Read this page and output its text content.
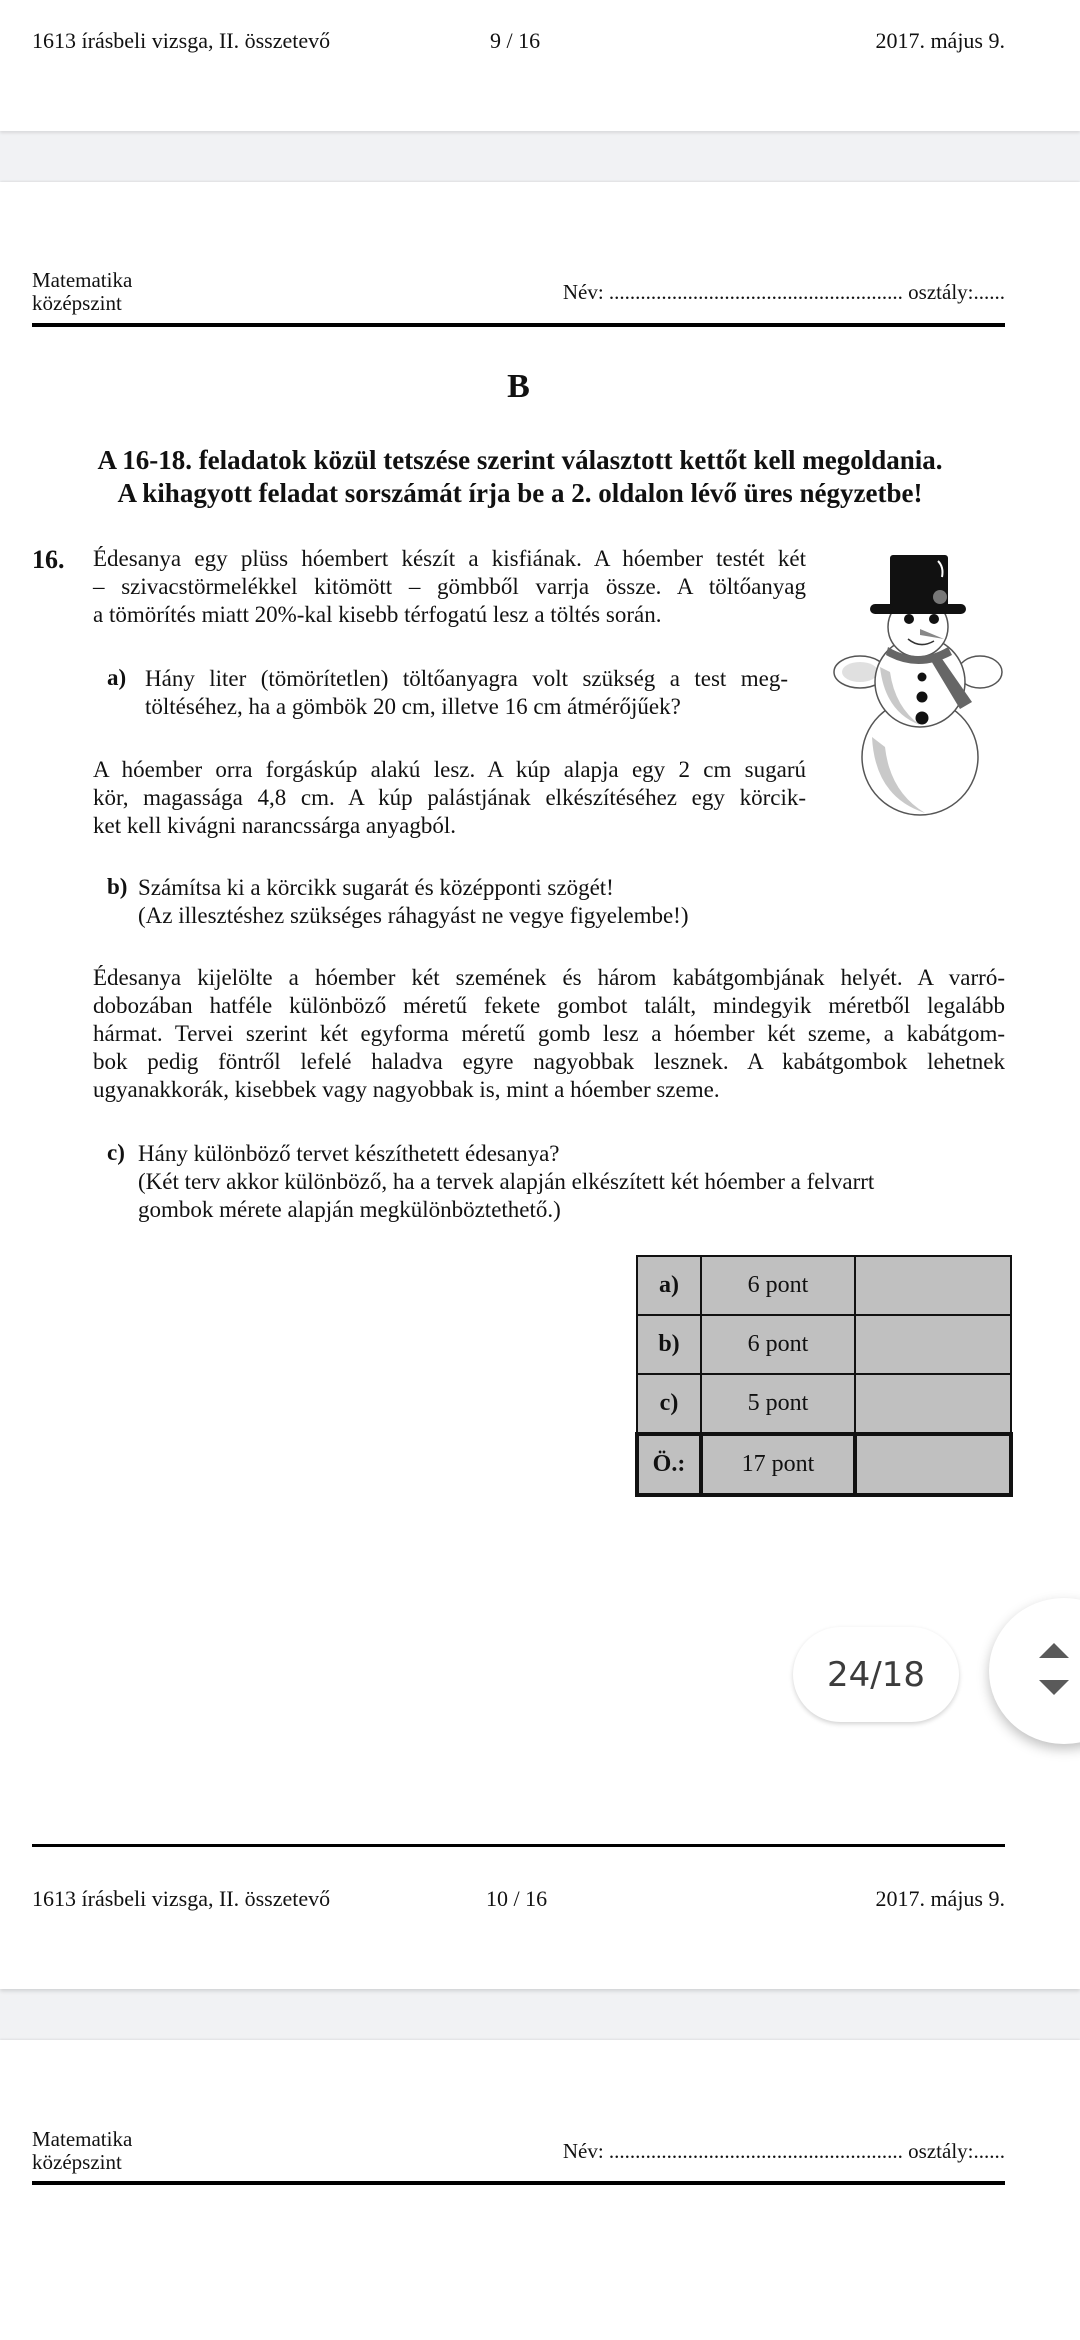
1613 írásbeli vizsga, II. összetevő	9 / 16	2017. május 9.
Matematika
középszint	Név: ........................................................ osztály:......
B
A 16-18. feladatok közül tetszése szerint választott kettőt kell megoldania.
A kihagyott feladat sorszámát írja be a 2. oldalon lévő üres négyzetbe!
16. Édesanya egy plüss hóembert készít a kisfiának. A hóember testét két
– szivacstörmelékkel kitömött – gömbből varrja össze. A töltőanyag
a tömörítés miatt 20%-kal kisebb térfogatú lesz a töltés során.
a) Hány liter (tömörítetlen) töltőanyagra volt szükség a test meg-
töltéséhez, ha a gömbök 20 cm, illetve 16 cm átmérőjűek?
A hóember orra forgáskúp alakú lesz. A kúp alapja egy 2 cm sugarú
kör, magassága 4,8 cm. A kúp palástjának elkészítéséhez egy körcik-
ket kell kivágni narancssárga anyagból.
b) Számítsa ki a körcikk sugarát és középponti szögét!
(Az illesztéshez szükséges ráhagyást ne vegye figyelembe!)
Édesanya kijelölte a hóember két szemének és három kabátgombjának helyét. A varró-
dobozában hatféle különböző méretű fekete gombot talált, mindegyik méretből legalább
hármat. Tervei szerint két egyforma méretű gomb lesz a hóember két szeme, a kabátgom-
bok pedig föntről lefelé haladva egyre nagyobbak lesznek. A kabátgombok lehetnek
ugyanakkorák, kisebbek vagy nagyobbak is, mint a hóember szeme.
c) Hány különböző tervet készíthetett édesanya?
(Két terv akkor különböző, ha a tervek alapján elkészített két hóember a felvarrt
gombok mérete alapján megkülönböztethető.)
a)	6 pont	
b)	6 pont	
c)	5 pont	
Ö.:	17 pont	
1613 írásbeli vizsga, II. összetevő	10 / 16	2017. május 9.
Matematika
középszint	Név: ........................................................ osztály:......
24/18
